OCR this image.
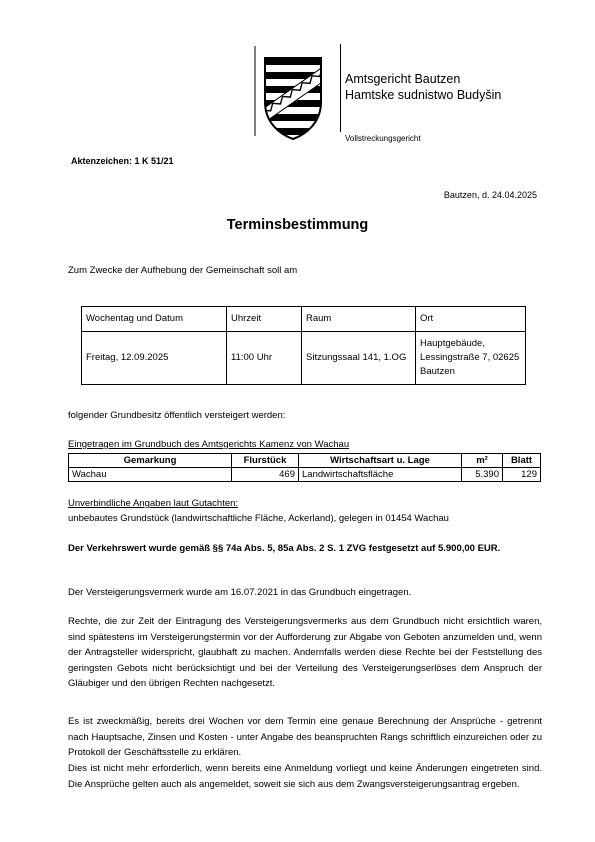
Amtsgericht Bautzen
Hamtske sudnistwo Budyšin
Vollstreckungsgericht
Aktenzeichen: 1 K 51/21
Bautzen, d. 24.04.2025
Terminsbestimmung
Zum Zwecke der Aufhebung der Gemeinschaft soll am
Wochentag und Datum	Uhrzeit	Raum	Ort
Freitag, 12.09.2025	11:00 Uhr	Sitzungssaal 141, 1.OG	Hauptgebäude, Lessingstraße 7, 02625 Bautzen
folgender Grundbesitz öffentlich versteigert werden:
Eingetragen im Grundbuch des Amtsgerichts Kamenz von Wachau
Gemarkung	Flurstück	Wirtschaftsart u. Lage	m²	Blatt
Wachau	469	Landwirtschaftsfläche	5.390	129
Unverbindliche Angaben laut Gutachten:
unbebautes Grundstück (landwirtschaftliche Fläche, Ackerland), gelegen in 01454 Wachau
Der Verkehrswert wurde gemäß §§ 74a Abs. 5, 85a Abs. 2 S. 1 ZVG festgesetzt auf 5.900,00 EUR.
Der Versteigerungsvermerk wurde am 16.07.2021 in das Grundbuch eingetragen.
Rechte, die zur Zeit der Eintragung des Versteigerungsvermerks aus dem Grundbuch nicht ersichtlich waren, sind spätestens im Versteigerungstermin vor der Aufforderung zur Abgabe von Geboten anzumelden und, wenn der Antragsteller widerspricht, glaubhaft zu machen. Andernfalls werden diese Rechte bei der Feststellung des geringsten Gebots nicht berücksichtigt und bei der Verteilung des Versteigerungserlöses dem Anspruch der Gläubiger und den übrigen Rechten nachgesetzt.
Es ist zweckmäßig, bereits drei Wochen vor dem Termin eine genaue Berechnung der Ansprüche - getrennt nach Hauptsache, Zinsen und Kosten - unter Angabe des beanspruchten Rangs schriftlich einzureichen oder zu Protokoll der Geschäftsstelle zu erklären.
Dies ist nicht mehr erforderlich, wenn bereits eine Anmeldung vorliegt und keine Änderungen eingetreten sind. Die Ansprüche gelten auch als angemeldet, soweit sie sich aus dem Zwangsversteigerungsantrag ergeben.
